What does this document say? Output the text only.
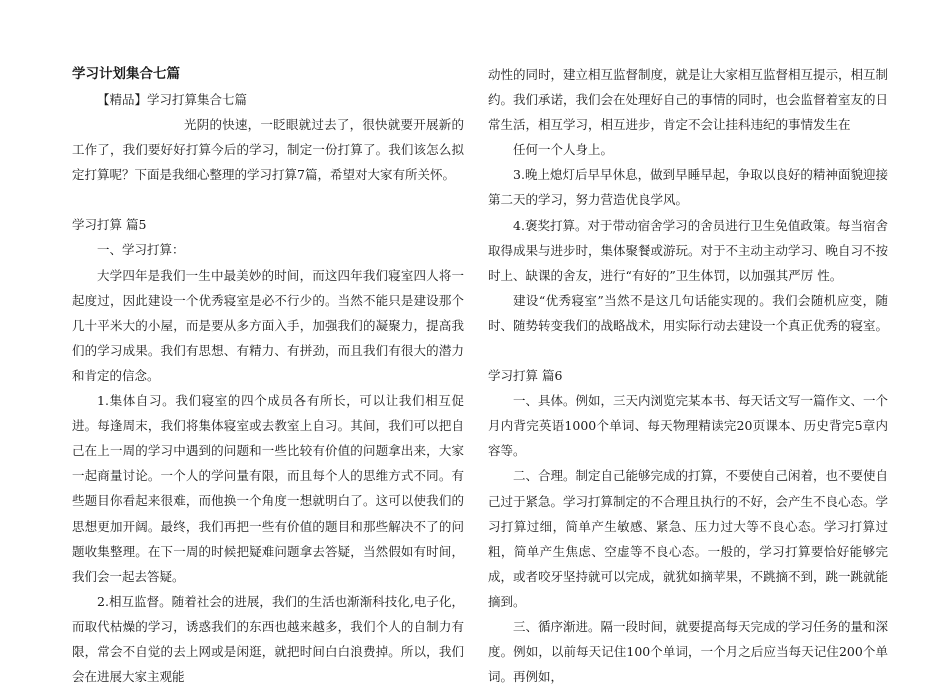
学习计划集合七篇

【精品】学习打算集合七篇

光阴的快速，一眨眼就过去了，很快就要开展新的工作了，我们要好好打算今后的学习，制定一份打算了。我们该怎么拟定打算呢？下面是我细心整理的学习打算7篇，希望对大家有所关怀。

学习打算 篇5

一、学习打算：

大学四年是我们一生中最美妙的时间，而这四年我们寝室四人将一起度过，因此建设一个优秀寝室是必不行少的。当然不能只是建设那个几十平米大的小屋，而是要从多方面入手，加强我们的凝聚力，提高我们的学习成果。我们有思想、有精力、有拼劲，而且我们有很大的潜力和肯定的信念。

1.集体自习。我们寝室的四个成员各有所长，可以让我们相互促进。每逢周末，我们将集体寝室或去教室上自习。其间，我们可以把自己在上一周的学习中遇到的问题和一些比较有价值的问题拿出来，大家一起商量讨论。一个人的学问量有限，而且每个人的思维方式不同。有些题目你看起来很难，而他换一个角度一想就明白了。这可以使我们的思想更加开阔。最终，我们再把一些有价值的题目和那些解决不了的问题收集整理。在下一周的时候把疑难问题拿去答疑，当然假如有时间，我们会一起去答疑。

2.相互监督。随着社会的进展，我们的生活也渐渐科技化,电子化，而取代枯燥的学习，诱惑我们的东西也越来越多，我们个人的自制力有限，常会不自觉的去上网或是闲逛，就把时间白白浪费掉。所以，我们会在进展大家主观能

动性的同时，建立相互监督制度，就是让大家相互监督相互提示，相互制约。我们承诺，我们会在处理好自己的事情的同时，也会监督着室友的日常生活，相互学习，相互进步，肯定不会让挂科违纪的事情发生在

任何一个人身上。

3.晚上熄灯后早早休息，做到早睡早起，争取以良好的精神面貌迎接第二天的学习，努力营造优良学风。

4.褒奖打算。对于带动宿舍学习的舍员进行卫生免值政策。每当宿舍取得成果与进步时，集体聚餐或游玩。对于不主动主动学习、晚自习不按时上、缺课的舍友，进行“有好的”卫生体罚，以加强其严厉 性。

建设“优秀寝室”当然不是这几句话能实现的。我们会随机应变，随时、随势转变我们的战略战术，用实际行动去建设一个真正优秀的寝室。

学习打算 篇6

一、具体。例如，三天内浏览完某本书、每天话文写一篇作文、一个月内背完英语1000个单词、每天物理精读完20页课本、历史背完5章内容等。

二、合理。制定自己能够完成的打算，不要使自己闲着，也不要使自己过于紧急。学习打算制定的不合理且执行的不好，会产生不良心态。学习打算过细，简单产生敏感、紧急、压力过大等不良心态。学习打算过粗，简单产生焦虑、空虚等不良心态。一般的，学习打算要恰好能够完成，或者咬牙坚持就可以完成，就犹如摘苹果，不跳摘不到，跳一跳就能摘到。

三、循序渐进。隔一段时间，就要提高每天完成的学习任务的量和深度。例如，以前每天记住100个单词，一个月之后应当每天记住200个单词。再例如，
